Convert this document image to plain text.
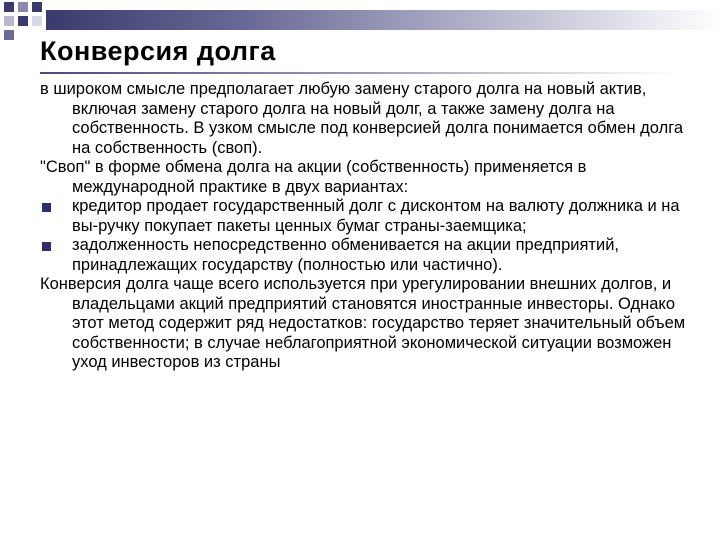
Конверсия долга

в широком смысле предполагает любую замену старого долга на новый актив, включая замену старого долга на новый долг, а также замену долга на собственность. В узком смысле под конверсией долга понимается обмен долга на собственность (своп).

"Своп" в форме обмена долга на акции (собственность) применяется в международной практике в двух вариантах:

кредитор продает государственный долг с дисконтом на валюту должника и на вы-ручку покупает пакеты ценных бумаг страны-заемщика;
задолженность непосредственно обменивается на акции предприятий, принадлежащих государству (полностью или частично).

Конверсия долга чаще всего используется при урегулировании внешних долгов, и владельцами акций предприятий становятся иностранные инвесторы. Однако этот метод содержит ряд недостатков: государство теряет значительный объем собственности; в случае неблагоприятной экономической ситуации возможен уход инвесторов из страны
